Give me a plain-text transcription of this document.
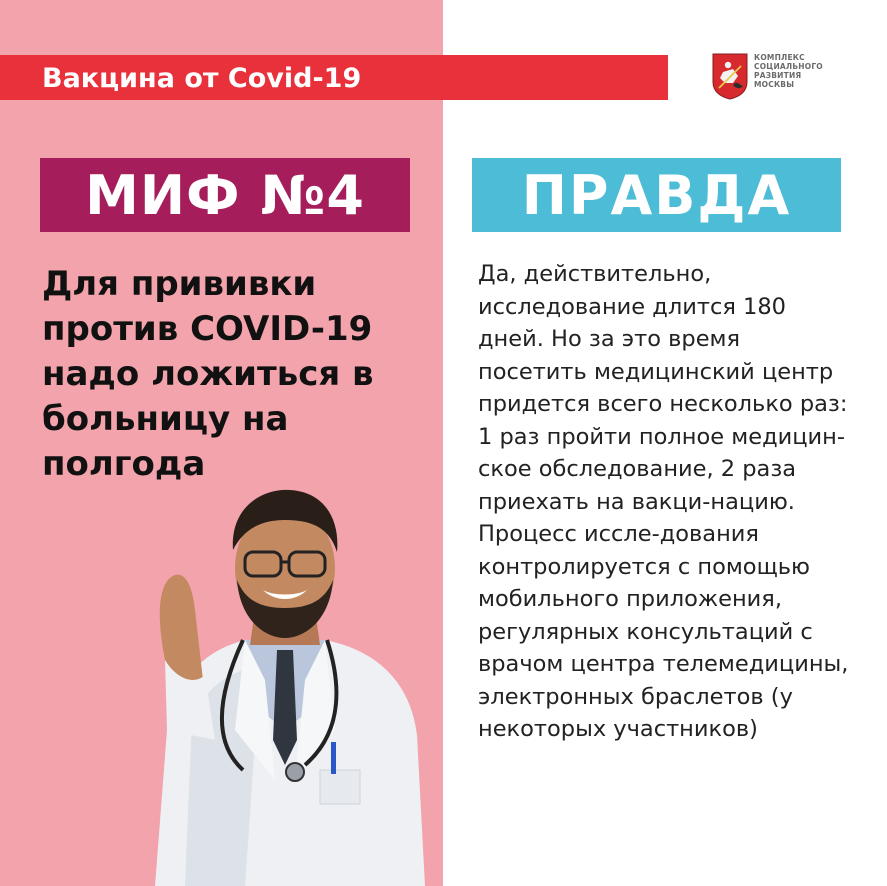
Вакцина от Covid-19
КОМПЛЕКС
СОЦИАЛЬНОГО
РАЗВИТИЯ
МОСКВЫ
МИФ №4	ПРАВДА

Для прививки против COVID-19 надо ложиться в больницу на полгода

Да, действительно, исследование длится 180 дней. Но за это время посетить медицинский центр придется всего несколько раз: 1 раз пройти полное медицин-ское обследование, 2 раза приехать на вакци-нацию. Процесс иссле-дования контролируется с помощью мобильного приложения, регулярных консультаций с врачом центра телемедицины, электронных браслетов (у некоторых участников)
